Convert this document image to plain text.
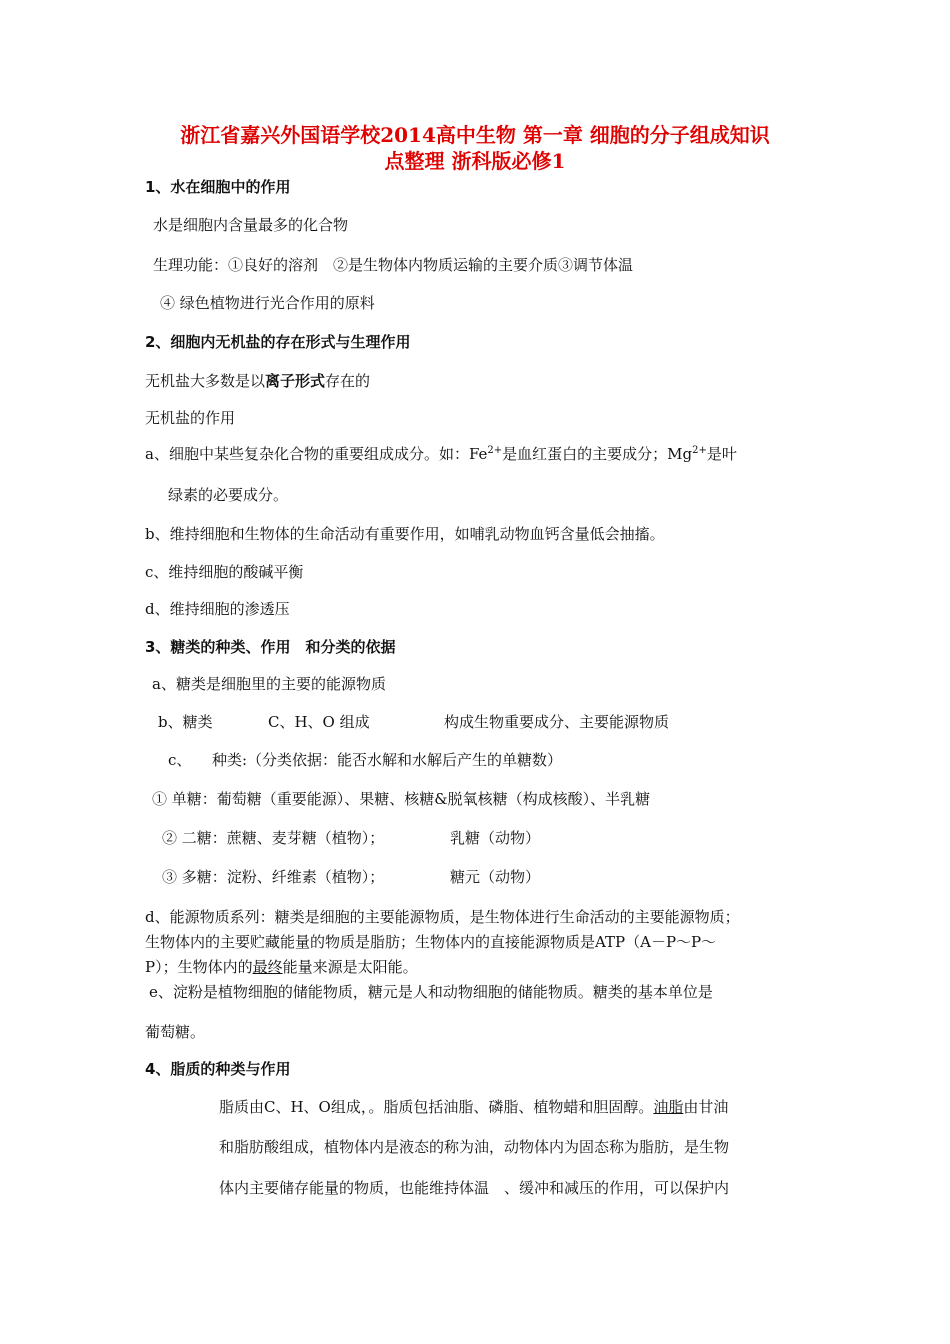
浙江省嘉兴外国语学校2014高中生物 第一章 细胞的分子组成知识
点整理 浙科版必修1
1、水在细胞中的作用
水是细胞内含量最多的化合物
生理功能：①良好的溶剂　②是生物体内物质运输的主要介质③调节体温
④ 绿色植物进行光合作用的原料
2、细胞内无机盐的存在形式与生理作用
无机盐大多数是以离子形式存在的
无机盐的作用
a、细胞中某些复杂化合物的重要组成成分。如：$Fe^{2+}$是血红蛋白的主要成分；$Mg^{2+}$是叶
绿素的必要成分。
b、维持细胞和生物体的生命活动有重要作用，如哺乳动物血钙含量低会抽搐。
c、维持细胞的酸碱平衡
d、维持细胞的渗透压
3、糖类的种类、作用　和分类的依据
a、糖类是细胞里的主要的能源物质
b、糖类	C、H、O 组成	构成生物重要成分、主要能源物质
c、 种类:（分类依据：能否水解和水解后产生的单糖数）
① 单糖：葡萄糖（重要能源）、果糖、核糖&脱氧核糖（构成核酸）、半乳糖
② 二糖：蔗糖、麦芽糖（植物）；	乳糖（动物）
③ 多糖：淀粉、纤维素（植物）；	糖元（动物）
d、能源物质系列：糖类是细胞的主要能源物质，是生物体进行生命活动的主要能源物质；
生物体内的主要贮藏能量的物质是脂肪；生物体内的直接能源物质是ATP（A－P～P～
P）；生物体内的最终能量来源是太阳能。
e、淀粉是植物细胞的储能物质，糖元是人和动物细胞的储能物质。糖类的基本单位是
葡萄糖。
4、脂质的种类与作用
脂质由C、H、O组成，。脂质包括油脂、磷脂、植物蜡和胆固醇。油脂由甘油
和脂肪酸组成，植物体内是液态的称为油，动物体内为固态称为脂肪，是生物
体内主要储存能量的物质，也能维持体温　、缓冲和减压的作用，可以保护内
